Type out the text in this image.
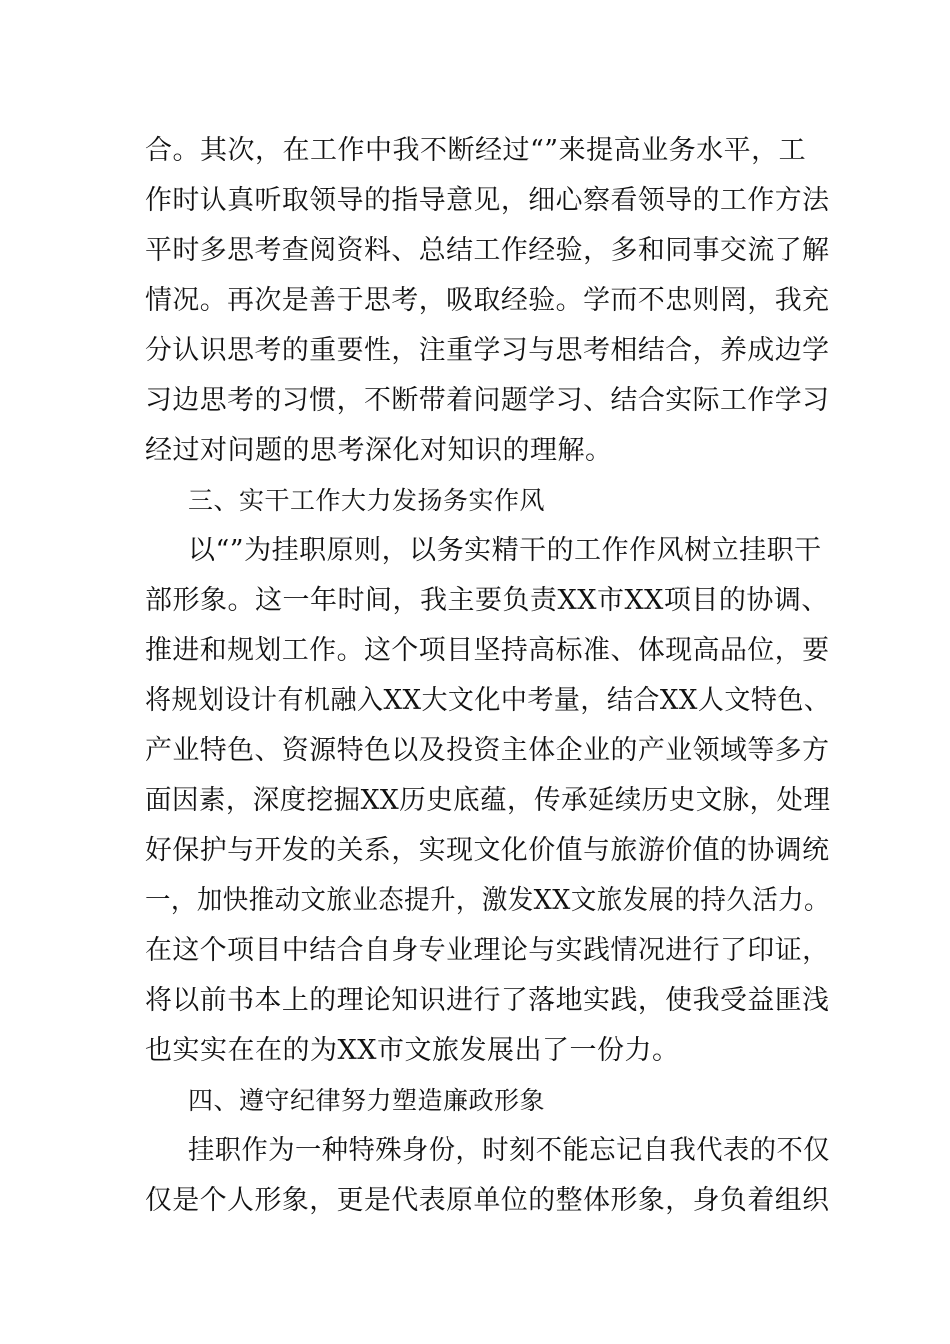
合。其次，在工作中我不断经过“”来提高业务水平，工
作时认真听取领导的指导意见，细心察看领导的工作方法
平时多思考查阅资料、总结工作经验，多和同事交流了解
情况。再次是善于思考，吸取经验。学而不忠则罔，我充
分认识思考的重要性，注重学习与思考相结合，养成边学
习边思考的习惯，不断带着问题学习、结合实际工作学习
经过对问题的思考深化对知识的理解。
三、实干工作大力发扬务实作风
以“”为挂职原则，以务实精干的工作作风树立挂职干
部形象。这一年时间，我主要负责XX市XX项目的协调、
推进和规划工作。这个项目坚持高标准、体现高品位，要
将规划设计有机融入XX大文化中考量，结合XX人文特色、
产业特色、资源特色以及投资主体企业的产业领域等多方
面因素，深度挖掘XX历史底蕴，传承延续历史文脉，处理
好保护与开发的关系，实现文化价值与旅游价值的协调统
一，加快推动文旅业态提升，激发XX文旅发展的持久活力。
在这个项目中结合自身专业理论与实践情况进行了印证，
将以前书本上的理论知识进行了落地实践，使我受益匪浅
也实实在在的为XX市文旅发展出了一份力。
四、遵守纪律努力塑造廉政形象
挂职作为一种特殊身份，时刻不能忘记自我代表的不仅
仅是个人形象，更是代表原单位的整体形象，身负着组织
